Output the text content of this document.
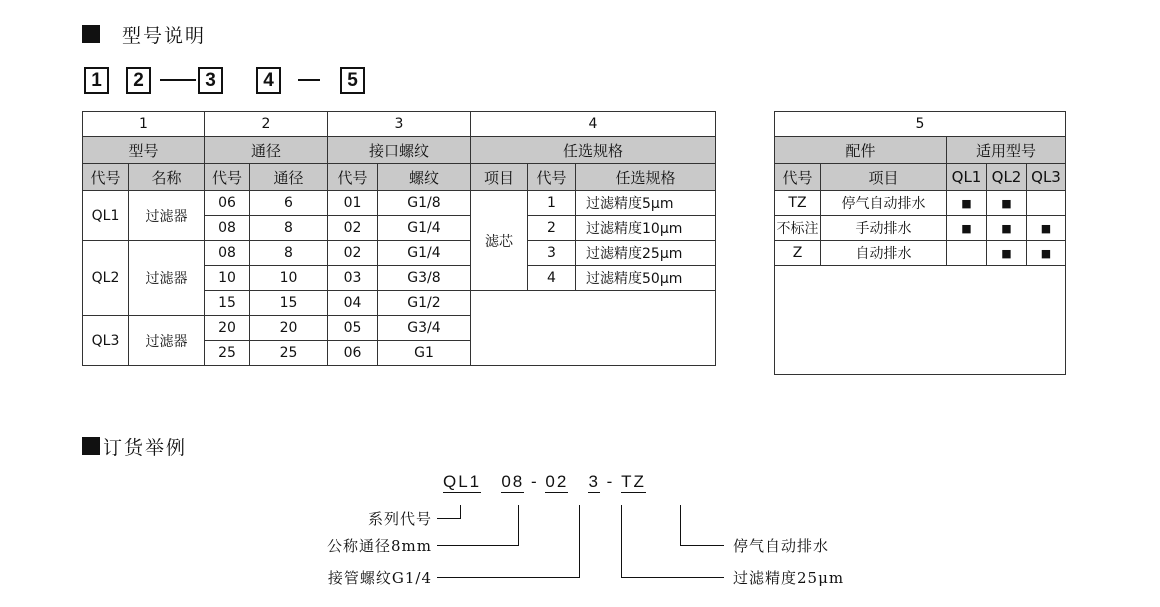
型号说明
1	2	3	4	5
1		2		3		4		
型号		通径		接口螺纹		任选规格		
代号	名称	代号	通径	代号	螺纹	项目	代号	任选规格
QL1	过滤器	06	6	01	G1/8	滤芯	1	过滤精度5μm
		08	8	02	G1/4		2	过滤精度10μm
QL2	过滤器	08	8	02	G1/4		3	过滤精度25μm
		10	10	03	G3/8		4	过滤精度50μm
		15	15	04	G1/2			
QL3	过滤器	20	20	05	G3/4			
		25	25	06	G1			
5				
配件		适用型号		
代号	项目	QL1	QL2	QL3
TZ	停气自动排水	■	■	
不标注	手动排水	■	■	■
Z	自动排水		■	■

订货举例
QL1 08 - 02 3 - TZ
系列代号
公称通径8mm
接管螺纹G1/4
停气自动排水
过滤精度25μm
